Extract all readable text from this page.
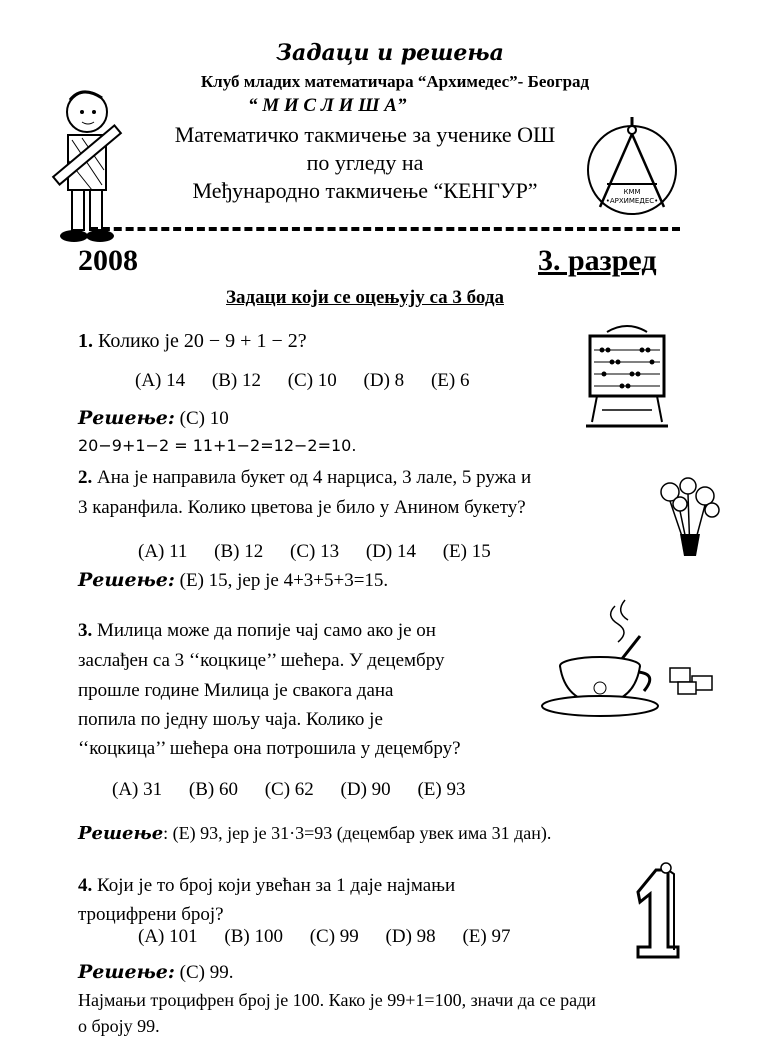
Задаци и решења
Клуб младих математичара “Архимедес”- Београд
“ М И С Л И Ш А”
Математичко такмичење за ученике ОШ
по угледу на
Међународно такмичење “КЕНГУР”	КММ
•АРХИМЕДЕС•
2008	3. разред
Задаци који се оцењују са 3 бода
1. Колико је 20 − 9 + 1 − 2?
(A) 14 (B) 12 (C) 10 (D) 8 (E) 6
Решење: (C) 10
20−9+1−2 = 11+1−2=12−2=10.
2. Ана је направила букет од 4 нарциса, 3 лале, 5 ружа и
3 каранфила. Колико цветова је било у Анином букету?
(A) 11 (B) 12 (C) 13 (D) 14 (E) 15
Решење: (E) 15, јер је 4+3+5+3=15.
3. Милица може да попије чај само ако је он
заслађен са 3 ‘‘коцкице’’ шећера. У децембру
прошле године Милица је свакога дана
попила по једну шољу чаја. Колико је
‘‘коцкица’’ шећера она потрошила у децембру?
(A) 31 (B) 60 (C) 62 (D) 90 (E) 93
Решење: (E) 93, јер је 31·3=93 (децембар увек има 31 дан).
4. Који је то број који увећан за 1 даје најмањи
троцифрени број?
(A) 101 (B) 100 (C) 99 (D) 98 (E) 97
Решење: (C) 99.
Најмањи троцифрен број је 100. Како је 99+1=100, значи да се ради
о броју 99.
